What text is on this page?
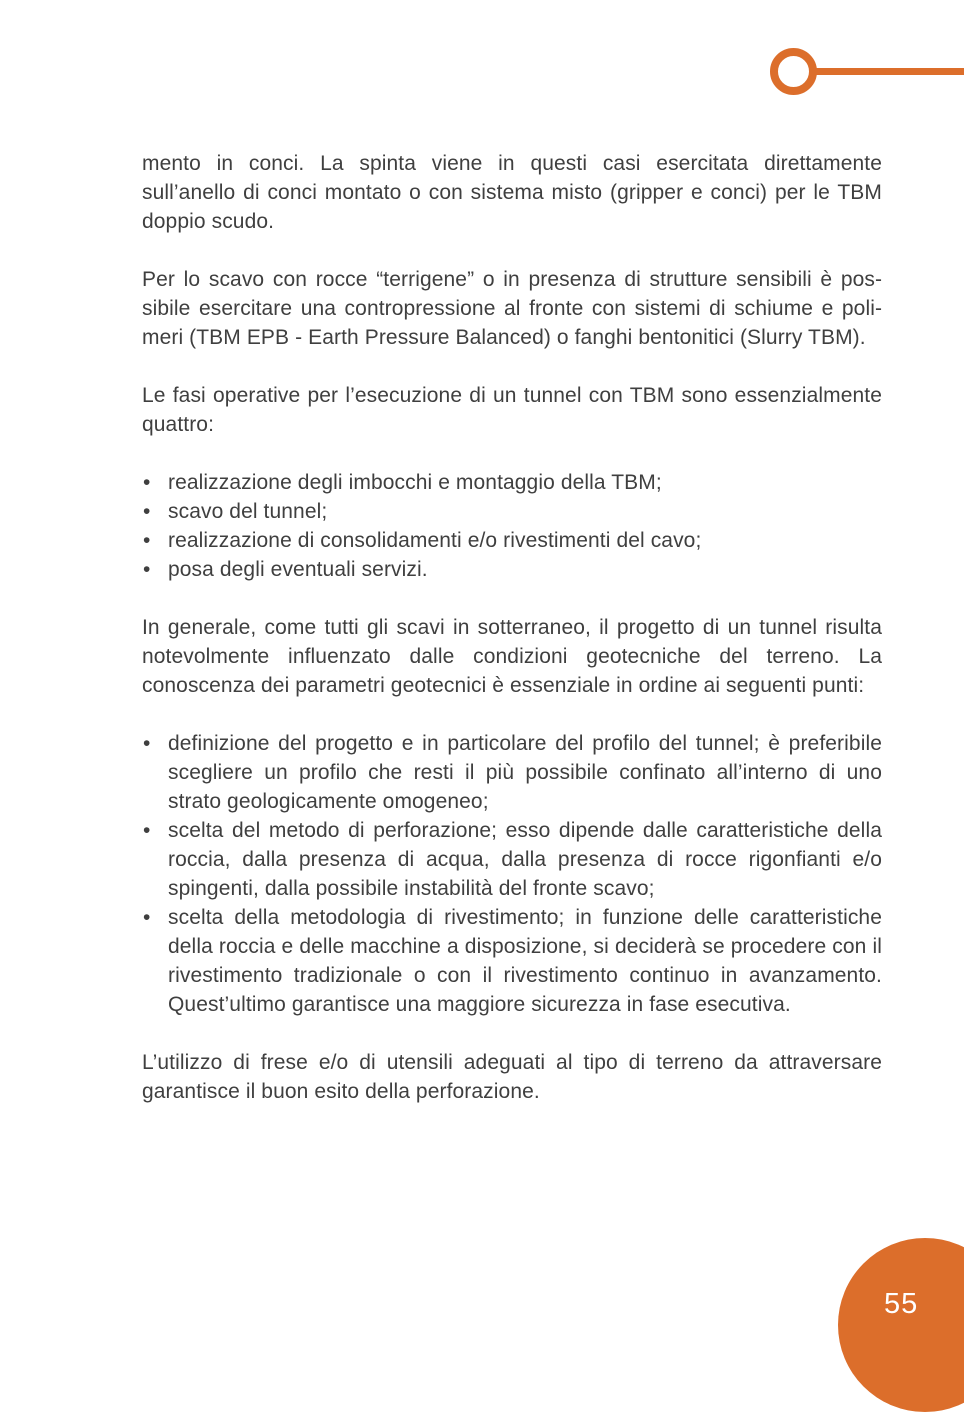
mento in conci. La spinta viene in questi casi esercitata direttamente sull’anello di conci montato o con sistema misto (gripper e conci) per le TBM doppio scudo.

Per lo scavo con rocce “terrigene” o in presenza di strutture sensibili è possibile esercitare una contropressione al fronte con sistemi di schiume e polimeri (TBM EPB - Earth Pressure Balanced) o fanghi bentonitici (Slurry TBM).

Le fasi operative per l’esecuzione di un tunnel con TBM sono essenzialmente quattro:

• realizzazione degli imbocchi e montaggio della TBM;
• scavo del tunnel;
• realizzazione di consolidamenti e/o rivestimenti del cavo;
• posa degli eventuali servizi.

In generale, come tutti gli scavi in sotterraneo, il progetto di un tunnel risulta notevolmente influenzato dalle condizioni geotecniche del terreno. La conoscenza dei parametri geotecnici è essenziale in ordine ai seguenti punti:

• definizione del progetto e in particolare del profilo del tunnel; è preferibile scegliere un profilo che resti il più possibile confinato all’interno di uno strato geologicamente omogeneo;
• scelta del metodo di perforazione; esso dipende dalle caratteristiche della roccia, dalla presenza di acqua, dalla presenza di rocce rigonfianti e/o spingenti, dalla possibile instabilità del fronte scavo;
• scelta della metodologia di rivestimento; in funzione delle caratteristiche della roccia e delle macchine a disposizione, si deciderà se procedere con il rivestimento tradizionale o con il rivestimento continuo in avanzamento. Quest’ultimo garantisce una maggiore sicurezza in fase esecutiva.

L’utilizzo di frese e/o di utensili adeguati al tipo di terreno da attraversare garantisce il buon esito della perforazione.

55
